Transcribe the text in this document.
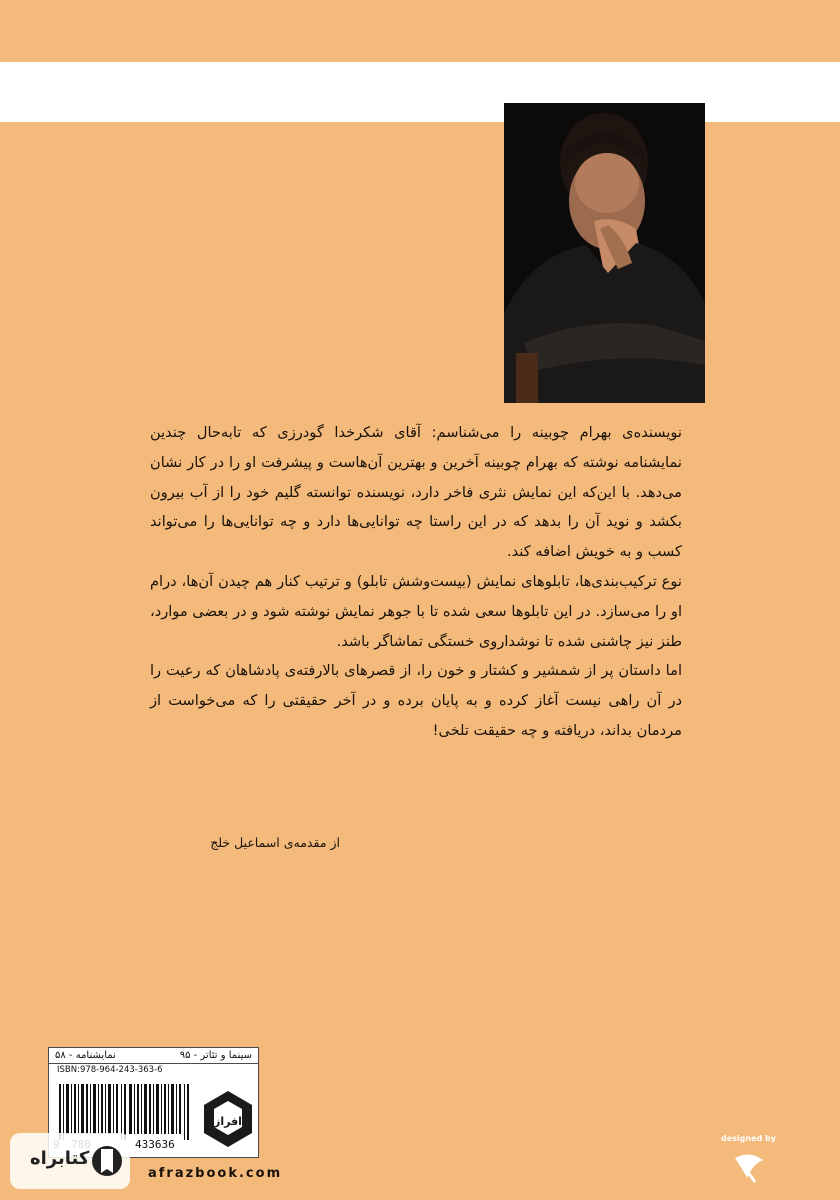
نویسنده‌ی بهرام چوبینه را می‌شناسم: آقای شکرخدا گودرزی که تابه‌حال چندین نمایشنامه نوشته که بهرام چوبینه آخرین و بهترین آن‌هاست و پیشرفت او را در کار نشان می‌دهد. با این‌که این نمایش نثری فاخر دارد، نویسنده توانسته گلیم خود را از آب بیرون بکشد و نوید آن را بدهد که در این راستا چه توانایی‌ها دارد و چه توانایی‌ها را می‌تواند کسب و به خویش اضافه کند.

نوع ترکیب‌بندی‌ها، تابلوهای نمایش (بیست‌وشش تابلو) و ترتیب کنار هم چیدن آن‌ها، درام او را می‌سازد. در این تابلوها سعی شده تا با جوهر نمایش نوشته شود و در بعضی موارد، طنز نیز چاشنی شده تا نوشداروی خستگی تماشاگر باشد.

اما داستان پر از شمشیر و کشتار و خون را، از قصرهای بالارفته‌ی پادشاهان که رعیت را در آن راهی نیست آغاز کرده و به پایان برده و در آخر حقیقتی را که می‌خواست از مردمان بداند، دریافته و چه حقیقت تلخی!

از مقدمه‌ی اسماعیل خلج
سینما و تئاتر - ۹۵
نمایشنامه - ۵۸
ISBN:978-964-243-363-6
433636
افراز
afrazbook.com
کتابراه
designed by
